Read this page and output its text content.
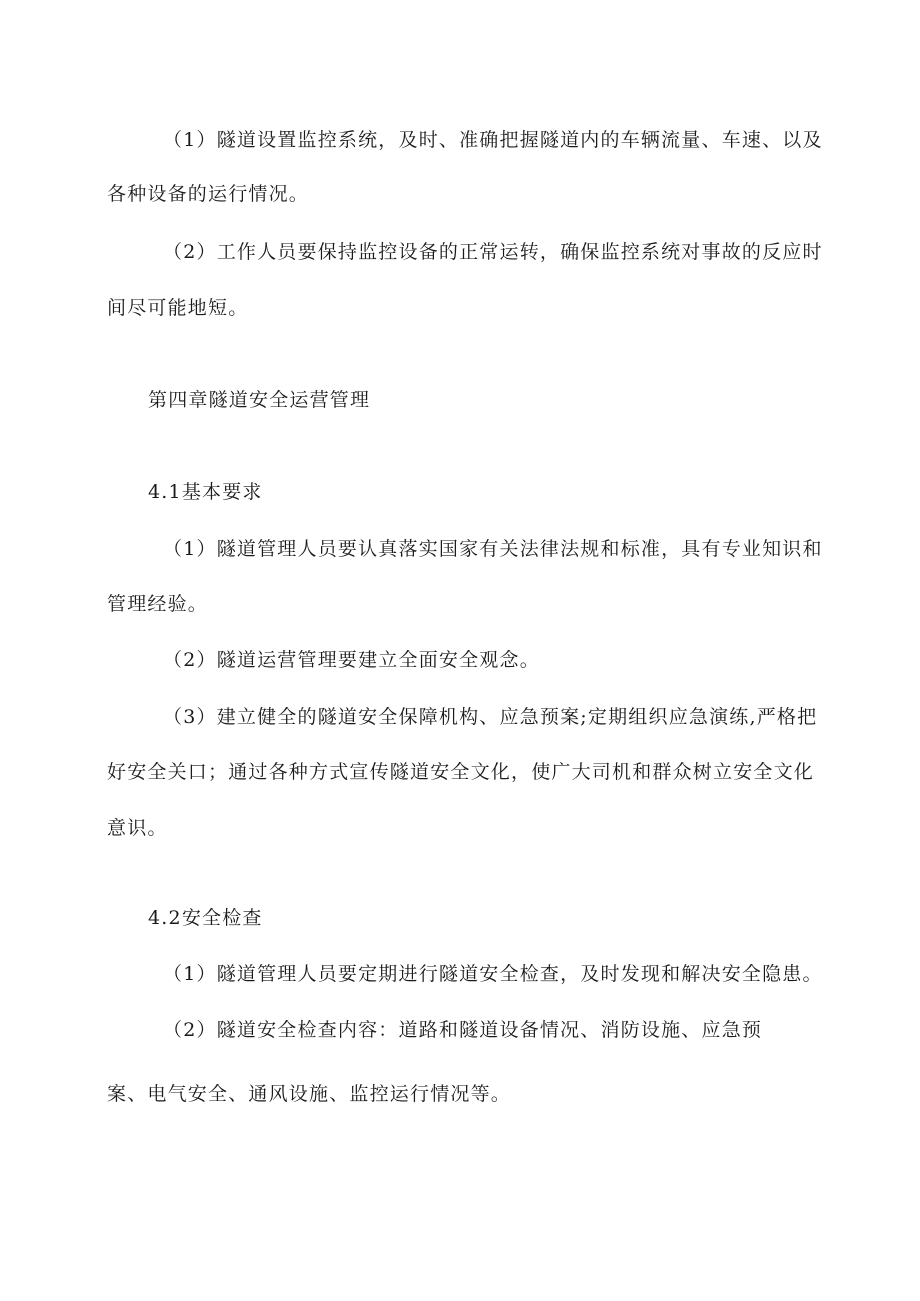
（1）隧道设置监控系统，及时、准确把握隧道内的车辆流量、车速、以及
各种设备的运行情况。
（2）工作人员要保持监控设备的正常运转，确保监控系统对事故的反应时
间尽可能地短。
第四章隧道安全运营管理
4.1基本要求
（1）隧道管理人员要认真落实国家有关法律法规和标准，具有专业知识和
管理经验。
（2）隧道运营管理要建立全面安全观念。
（3）建立健全的隧道安全保障机构、应急预案;定期组织应急演练,严格把
好安全关口；通过各种方式宣传隧道安全文化，使广大司机和群众树立安全文化
意识。
4.2安全检查
（1）隧道管理人员要定期进行隧道安全检查，及时发现和解决安全隐患。
（2）隧道安全检查内容：道路和隧道设备情况、消防设施、应急预
案、电气安全、通风设施、监控运行情况等。
